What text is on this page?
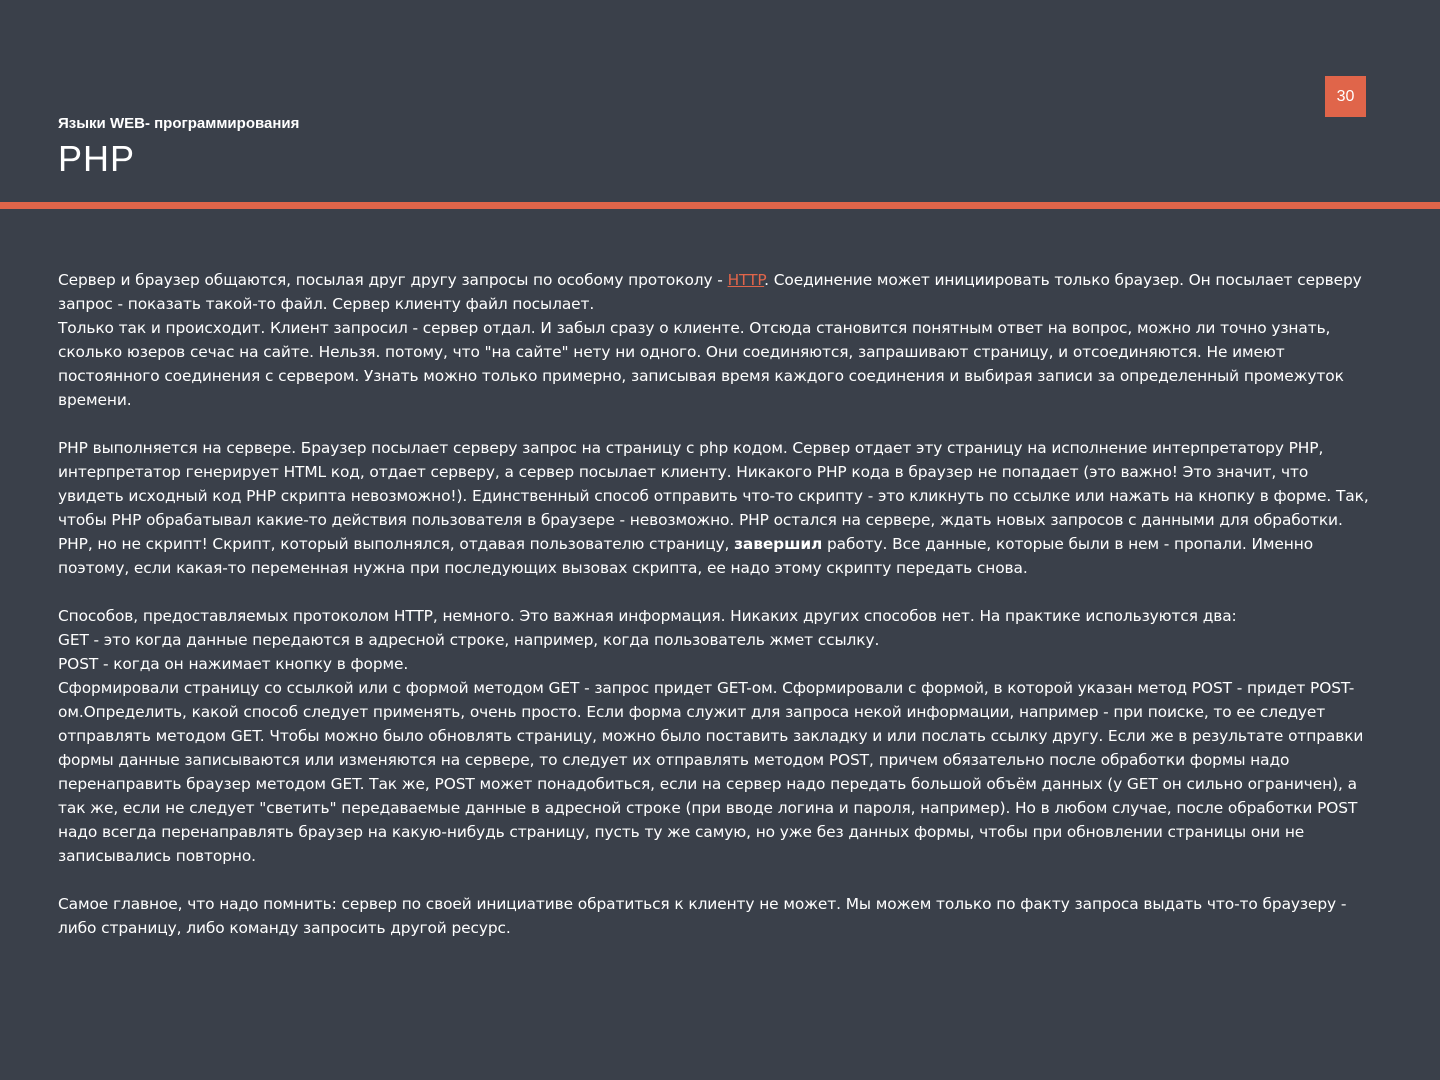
30
Языки WEB- программирования
PHP

Сервер и браузер общаются, посылая друг другу запросы по особому протоколу - HTTP. Соединение может инициировать только браузер. Он посылает серверу запрос - показать такой-то файл. Сервер клиенту файл посылает.

Только так и происходит. Клиент запросил - сервер отдал. И забыл сразу о клиенте. Отсюда становится понятным ответ на вопрос, можно ли точно узнать, сколько юзеров сечас на сайте. Нельзя. потому, что "на сайте" нету ни одного. Они соединяются, запрашивают страницу, и отсоединяются. Не имеют постоянного соединения с сервером. Узнать можно только примерно, записывая время каждого соединения и выбирая записи за определенный промежуток времени.

PHP выполняется на сервере. Браузер посылает серверу запрос на страницу с php кодом. Сервер отдает эту страницу на исполнение интерпретатору PHP, интерпретатор генерирует HTML код, отдает серверу, а сервер посылает клиенту. Никакого PHP кода в браузер не попадает (это важно! Это значит, что увидеть исходный код PHP скрипта невозможно!). Единственный способ отправить что-то скрипту - это кликнуть по ссылке или нажать на кнопку в форме. Так, чтобы PHP обрабатывал какие-то действия пользователя в браузере - невозможно. PHP остался на сервере, ждать новых запросов с данными для обработки. PHP, но не скрипт! Скрипт, который выполнялся, отдавая пользователю страницу, завершил работу. Все данные, которые были в нем - пропали. Именно поэтому, если какая-то переменная нужна при последующих вызовах скрипта, ее надо этому скрипту передать снова.

Способов, предоставляемых протоколом HTTP, немного. Это важная информация. Никаких других способов нет. На практике используются два:

GET - это когда данные передаются в адресной строке, например, когда пользователь жмет ссылку.

POST - когда он нажимает кнопку в форме.

Сформировали страницу со ссылкой или с формой методом GET - запрос придет GET-ом. Сформировали с формой, в которой указан метод POST - придет POST-ом.Определить, какой способ следует применять, очень просто. Если форма служит для запроса некой информации, например - при поиске, то ее следует отправлять методом GET. Чтобы можно было обновлять страницу, можно было поставить закладку и или послать ссылку другу. Если же в результате отправки формы данные записываются или изменяются на сервере, то следует их отправлять методом POST, причем обязательно после обработки формы надо перенаправить браузер методом GET. Так же, POST может понадобиться, если на сервер надо передать большой объём данных (у GET он сильно ограничен), а так же, если не следует "светить" передаваемые данные в адресной строке (при вводе логина и пароля, например). Но в любом случае, после обработки POST надо всегда перенаправлять браузер на какую-нибудь страницу, пусть ту же самую, но уже без данных формы, чтобы при обновлении страницы они не записывались повторно.

Самое главное, что надо помнить: сервер по своей инициативе обратиться к клиенту не может. Мы можем только по факту запроса выдать что-то браузеру - либо страницу, либо команду запросить другой ресурс.
